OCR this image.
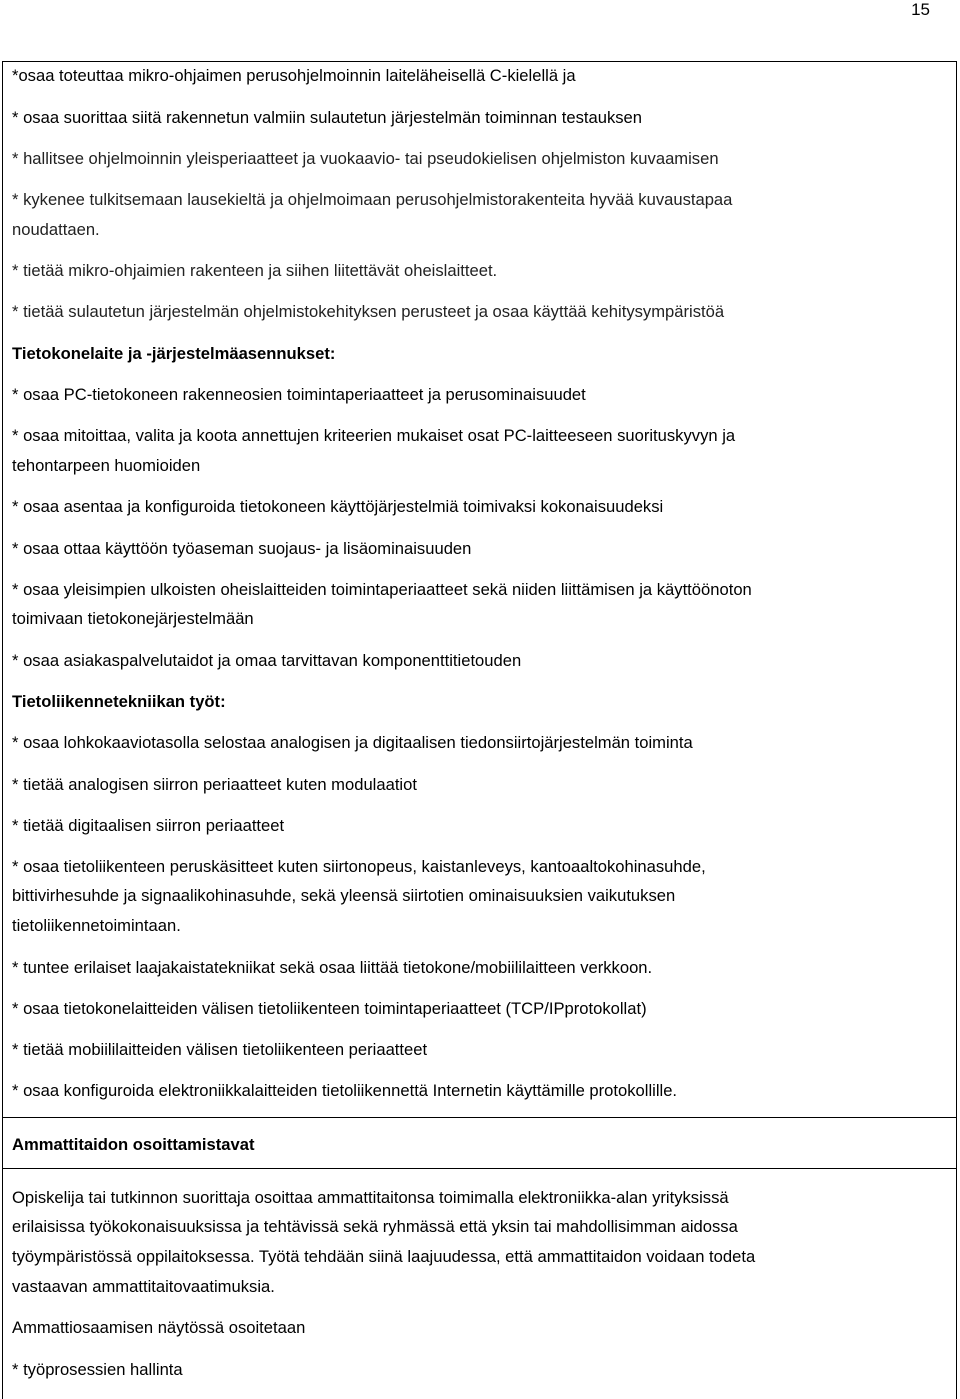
15
*osaa toteuttaa mikro-ohjaimen perusohjelmoinnin laiteläheisellä C-kielellä ja
* osaa suorittaa siitä rakennetun valmiin sulautetun järjestelmän toiminnan testauksen
* hallitsee ohjelmoinnin yleisperiaatteet ja vuokaavio- tai pseudokielisen ohjelmiston kuvaamisen
* kykenee tulkitsemaan lausekieltä ja ohjelmoimaan perusohjelmistorakenteita hyvää kuvaustapaa
noudattaen.
* tietää mikro-ohjaimien rakenteen ja siihen liitettävät oheislaitteet.
* tietää sulautetun järjestelmän ohjelmistokehityksen perusteet ja osaa käyttää kehitysympäristöä
Tietokonelaite ja -järjestelmäasennukset:
* osaa PC-tietokoneen rakenneosien toimintaperiaatteet ja perusominaisuudet
* osaa mitoittaa, valita ja koota annettujen kriteerien mukaiset osat PC-laitteeseen suorituskyvyn ja
tehontarpeen huomioiden
* osaa asentaa ja konfiguroida tietokoneen käyttöjärjestelmiä toimivaksi kokonaisuudeksi
* osaa ottaa käyttöön työaseman suojaus- ja lisäominaisuuden
* osaa yleisimpien ulkoisten oheislaitteiden toimintaperiaatteet sekä niiden liittämisen ja käyttöönoton
toimivaan tietokonejärjestelmään
* osaa asiakaspalvelutaidot ja omaa tarvittavan komponenttitietouden
Tietoliikennetekniikan työt:
* osaa lohkokaaviotasolla selostaa analogisen ja digitaalisen tiedonsiirtojärjestelmän toiminta
* tietää analogisen siirron periaatteet kuten modulaatiot
* tietää digitaalisen siirron periaatteet
* osaa tietoliikenteen peruskäsitteet kuten siirtonopeus, kaistanleveys, kantoaaltokohinasuhde,
bittivirhesuhde ja signaalikohinasuhde, sekä yleensä siirtotien ominaisuuksien vaikutuksen
tietoliikennetoimintaan.
* tuntee erilaiset laajakaistatekniikat sekä osaa liittää tietokone/mobiililaitteen verkkoon.
* osaa tietokonelaitteiden välisen tietoliikenteen toimintaperiaatteet (TCP/IPprotokollat)
* tietää mobiililaitteiden välisen tietoliikenteen periaatteet
* osaa konfiguroida elektroniikkalaitteiden tietoliikennettä Internetin käyttämille protokollille.
Ammattitaidon osoittamistavat
Opiskelija tai tutkinnon suorittaja osoittaa ammattitaitonsa toimimalla elektroniikka-alan yrityksissä
erilaisissa työkokonaisuuksissa ja tehtävissä sekä ryhmässä että yksin tai mahdollisimman aidossa
työympäristössä oppilaitoksessa. Työtä tehdään siinä laajuudessa, että ammattitaidon voidaan todeta
vastaavan ammattitaitovaatimuksia.
Ammattiosaamisen näytössä osoitetaan
* työprosessien hallinta
